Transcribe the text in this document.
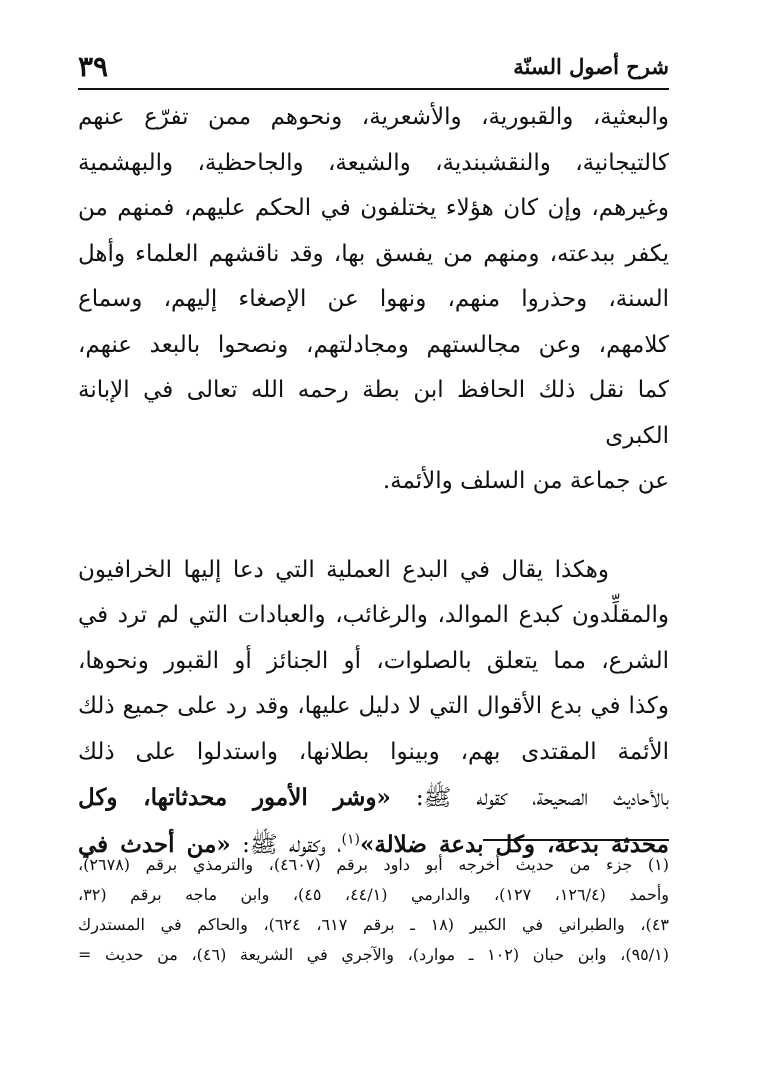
شرح أصول السنّة
٣٩

والبعثية، والقبورية، والأشعرية، ونحوهم ممن تفرّع عنهم

كالتيجانية، والنقشبندية، والشيعة، والجاحظية، والبهشمية

وغيرهم، وإن كان هؤلاء يختلفون في الحكم عليهم، فمنهم من

يكفر ببدعته، ومنهم من يفسق بها، وقد ناقشهم العلماء وأهل

السنة، وحذروا منهم، ونهوا عن الإصغاء إليهم، وسماع

كلامهم، وعن مجالستهم ومجادلتهم، ونصحوا بالبعد عنهم،

كما نقل ذلك الحافظ ابن بطة رحمه الله تعالى في الإبانة الكبرى

عن جماعة من السلف والأئمة.

وهكذا يقال في البدع العملية التي دعا إليها الخرافيون

والمقلِّدون كبدع الموالد، والرغائب، والعبادات التي لم ترد في

الشرع، مما يتعلق بالصلوات، أو الجنائز أو القبور ونحوها،

وكذا في بدع الأقوال التي لا دليل عليها، وقد رد على جميع ذلك

الأئمة المقتدى بهم، وبينوا بطلانها، واستدلوا على ذلك

بالأحاديث الصحيحة، كقوله ﷺ: «وشر الأمور محدثاتها، وكل

محدثة بدعة، وكل بدعة ضلالة»$^{(١)}$، وكقوله ﷺ: «من أحدث في

(١) جزء من حديث أخرجه أبو داود برقم (٤٦٠٧)، والترمذي برقم (٢٦٧٨)،

وأحمد (١٢٦/٤، ١٢٧)، والدارمي (٤٤/١، ٤٥)، وابن ماجه برقم (٣٢،

٤٣)، والطبراني في الكبير (١٨ ـ برقم ٦١٧، ٦٢٤)، والحاكم في المستدرك

(٩٥/١)، وابن حبان (١٠٢ ـ موارد)، والآجري في الشريعة (٤٦)، من حديث =
